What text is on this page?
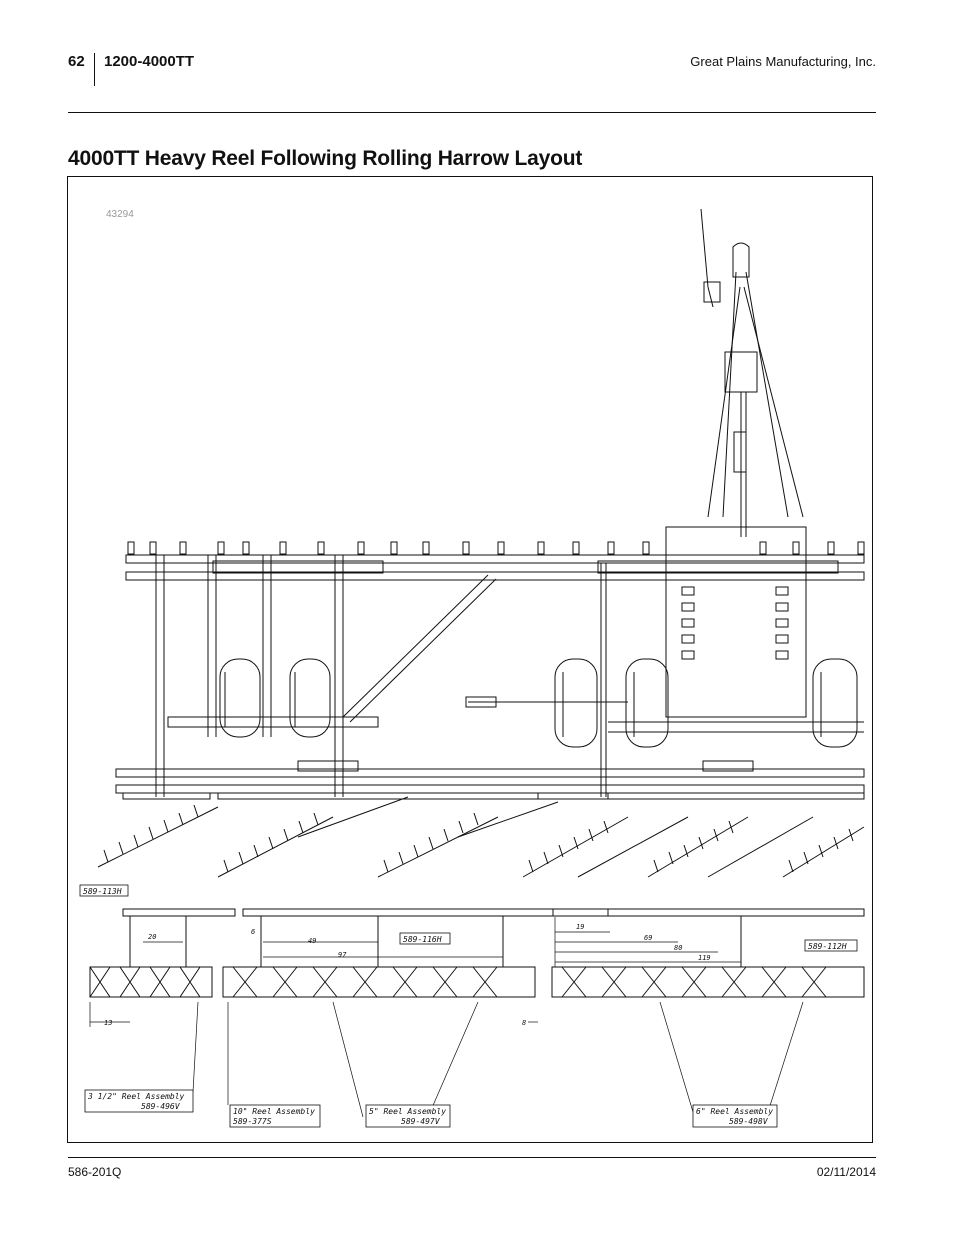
62 1200-4000TT	Great Plains Manufacturing, Inc.
4000TT Heavy Reel Following Rolling Harrow Layout
43294
20
6
49
97
19
69
80
119
13	8
589-113H
589-116H
589-112H
3 1/2" Reel Assembly
589-496V
10" Reel Assembly
589-377S
5" Reel Assembly
589-497V
6" Reel Assembly
589-498V
586-201Q	02/11/2014
